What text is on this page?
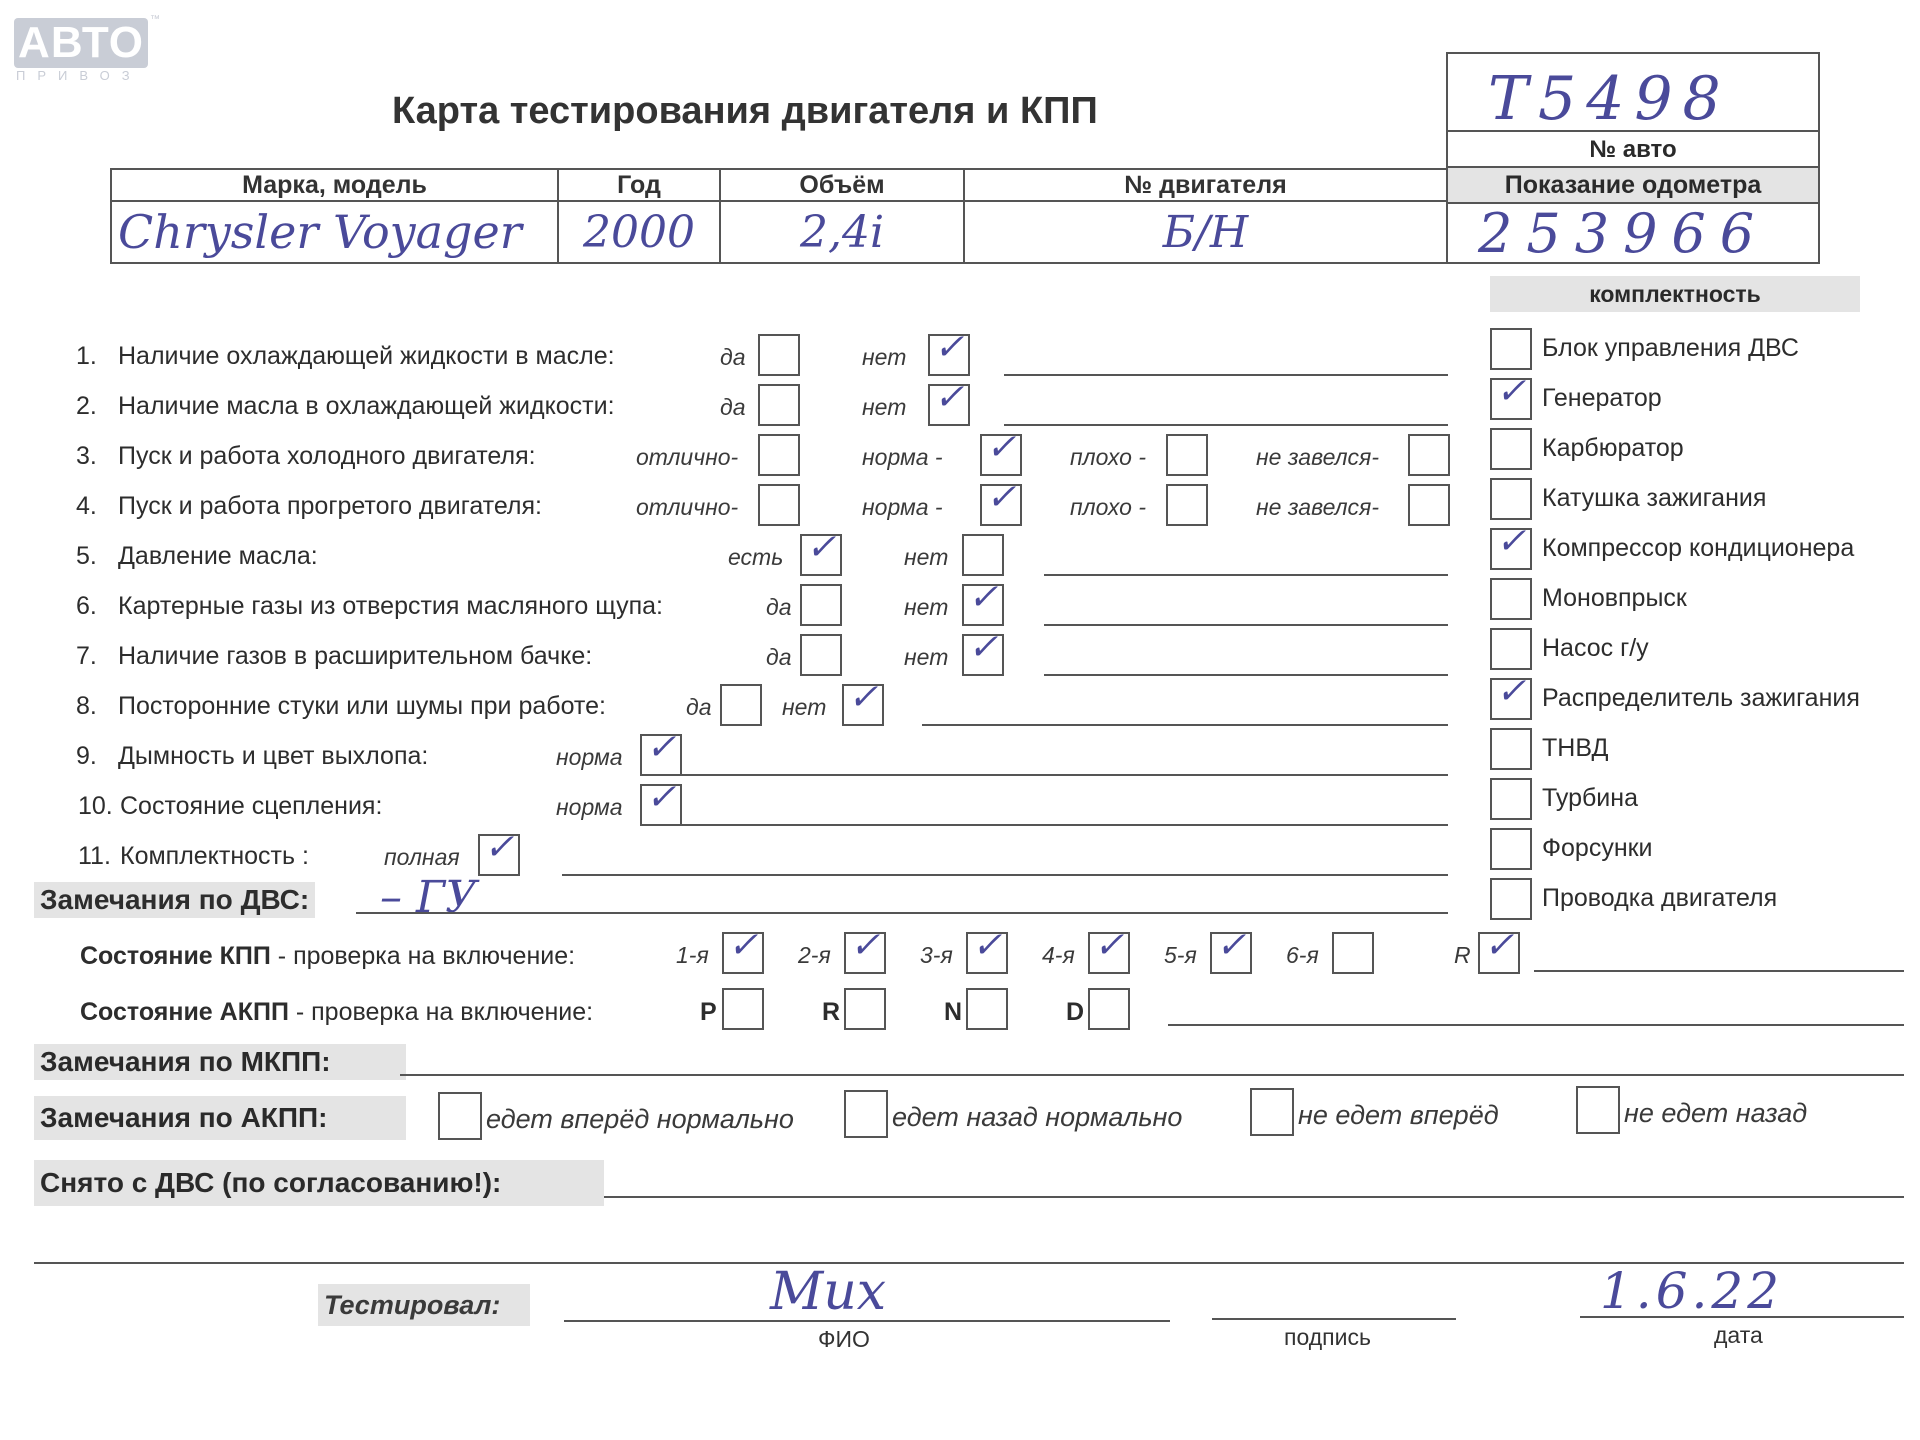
АВТО ™
ПРИВОЗ
Карта тестирования двигателя и КПП	Т5498
№ авто
Показание одометра
253966
Марка, модель	Год	Объём	№ двигателя
Chrysler Voyager	2000	2,4i	Б/Н
комплектность
1. Наличие охлаждающей жидкости в масле:	да	нет ✓
2. Наличие масла в охлаждающей жидкости:	да	нет ✓
3. Пуск и работа холодного двигателя:	отлично-	норма - ✓ плохо -	не завелся-
4. Пуск и работа прогретого двигателя:	отлично-	норма - ✓ плохо -	не завелся-
5. Давление масла:	есть ✓	нет
6. Картерные газы из отверстия масляного щупа:	да	нет ✓
7. Наличие газов в расширительном бачке:	да	нет ✓
8. Посторонние стуки или шумы при работе:	да	нет ✓
9. Дымность и цвет выхлопа:	норма ✓
10. Состояние сцепления:	норма ✓
11. Комплектность :	полная ✓
Блок управления ДВС
✓ Генератор
Карбюратор
Катушка зажигания
✓ Компрессор кондиционера
Моновпрыск
Насос г/у
✓ Распределитель зажигания
ТНВД
Турбина
Форсунки
Проводка двигателя
Замечания по ДВС: – ГУ
Состояние КПП - проверка на включение:	1-я ✓ 2-я ✓ 3-я ✓ 4-я ✓ 5-я ✓ 6-я	R ✓
Состояние АКПП - проверка на включение:	P	R	N	D
Замечания по МКПП:
Замечания по АКПП:	едет вперёд нормально	едет назад нормально	не едет вперёд	не едет назад
Снято с ДВС (по согласованию!):
Тестировал:	Мих
ФИО	подпись
1.6.22
дата
